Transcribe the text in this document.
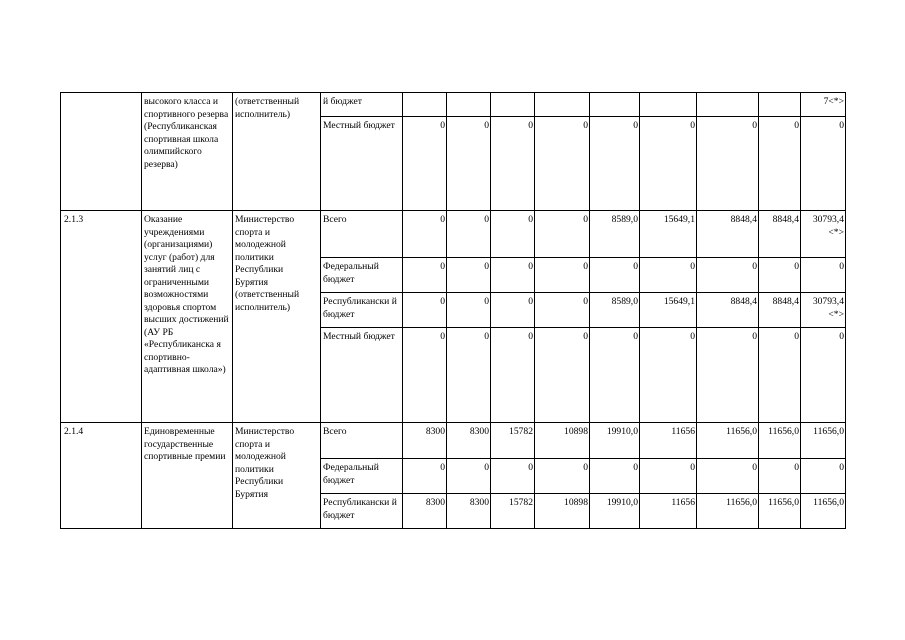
	высокого класса и спортивного резерва (Республиканская спортивная школа олимпийского резерва)	(ответственный исполнитель)	й бюджет									7<*>
			Местный бюджет	0	0	0	0	0	0	0	0	0
2.1.3	Оказание учреждениями (организациями) услуг (работ) для занятий лиц с ограниченными возможностями здоровья спортом высших достижений (АУ РБ «Республиканска я спортивно-адаптивная школа»)	Министерство спорта и молодежной политики Республики Бурятия (ответственный исполнитель)	Всего	0	0	0	0	8589,0	15649,1	8848,4	8848,4	30793,4 <*>
			Федеральный бюджет	0	0	0	0	0	0	0	0	0
			Республикански й бюджет	0	0	0	0	8589,0	15649,1	8848,4	8848,4	30793,4 <*>
			Местный бюджет	0	0	0	0	0	0	0	0	0
2.1.4	Единовременные государственные спортивные премии	Министерство спорта и молодежной политики Республики Бурятия	Всего	8300	8300	15782	10898	19910,0	11656	11656,0	11656,0	11656,0
			Федеральный бюджет	0	0	0	0	0	0	0	0	0
			Республикански й бюджет	8300	8300	15782	10898	19910,0	11656	11656,0	11656,0	11656,0
